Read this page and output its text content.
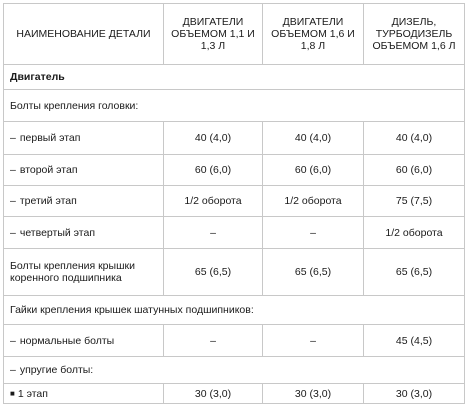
НАИМЕНОВАНИЕ ДЕТАЛИ	ДВИГАТЕЛИ ОБЪЕМОМ 1,1 И 1,3 Л	ДВИГАТЕЛИ ОБЪЕМОМ 1,6 И 1,8 Л	ДИЗЕЛЬ, ТУРБОДИЗЕЛЬ ОБЪЕМОМ 1,6 Л
Двигатель			
Болты крепления головки:			
– первый этап	40 (4,0)	40 (4,0)	40 (4,0)
– второй этап	60 (6,0)	60 (6,0)	60 (6,0)
– третий этап	1/2 оборота	1/2 оборота	75 (7,5)
– четвертый этап	–	–	1/2 оборота
Болты крепления крышки коренного подшипника	65 (6,5)	65 (6,5)	65 (6,5)
Гайки крепления крышек шатунных подшипников:			
– нормальные болты	–	–	45 (4,5)
– упругие болты:			
■ 1 этап	30 (3,0)	30 (3,0)	30 (3,0)
